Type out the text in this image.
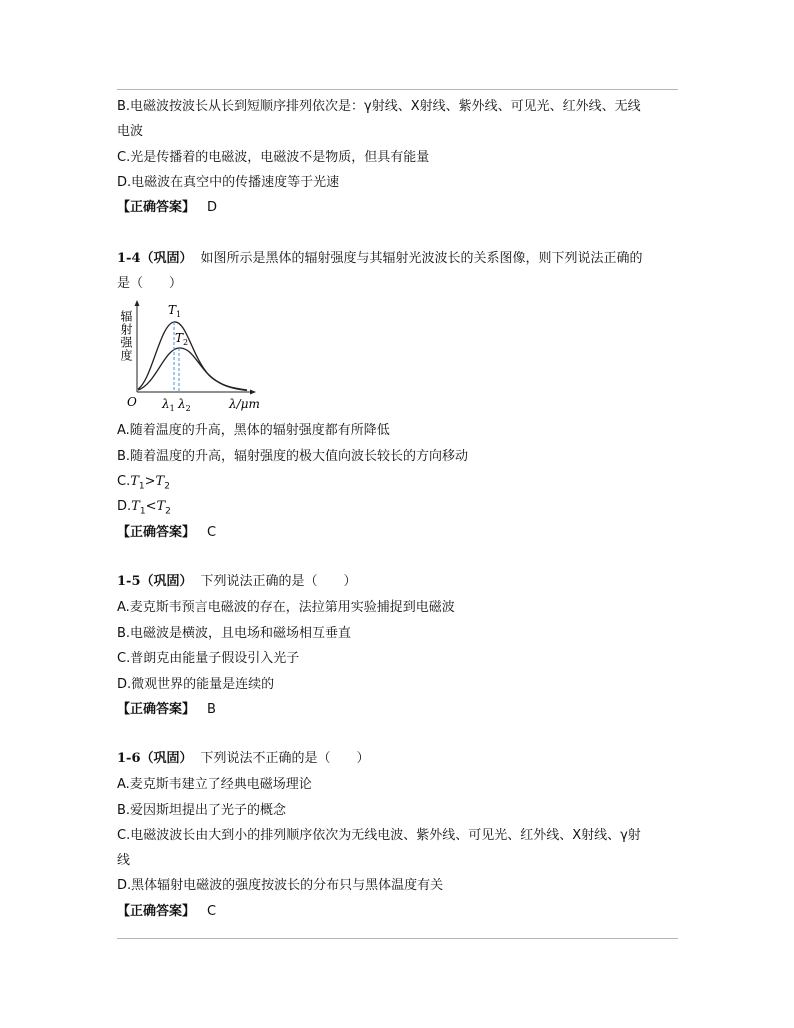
B.电磁波按波长从长到短顺序排列依次是：γ射线、X射线、紫外线、可见光、红外线、无线
电波
C.光是传播着的电磁波，电磁波不是物质，但具有能量
D.电磁波在真空中的传播速度等于光速
【正确答案】 D
1-4（巩固） 如图所示是黑体的辐射强度与其辐射光波波长的关系图像，则下列说法正确的
是（　　）
辐射强度	$T_1$
$T_2$
O $\lambda_1$ $\lambda_2$	λ/μm
A.随着温度的升高，黑体的辐射强度都有所降低
B.随着温度的升高，辐射强度的极大值向波长较长的方向移动
$C.T_1>T_2$
$D.T_1<T_2$
【正确答案】 C
1-5（巩固） 下列说法正确的是（　　）
A.麦克斯韦预言电磁波的存在，法拉第用实验捕捉到电磁波
B.电磁波是横波，且电场和磁场相互垂直
C.普朗克由能量子假设引入光子
D.微观世界的能量是连续的
【正确答案】 B
1-6（巩固） 下列说法不正确的是（　　）
A.麦克斯韦建立了经典电磁场理论
B.爱因斯坦提出了光子的概念
C.电磁波波长由大到小的排列顺序依次为无线电波、紫外线、可见光、红外线、X射线、γ射
线
D.黑体辐射电磁波的强度按波长的分布只与黑体温度有关
【正确答案】 C
